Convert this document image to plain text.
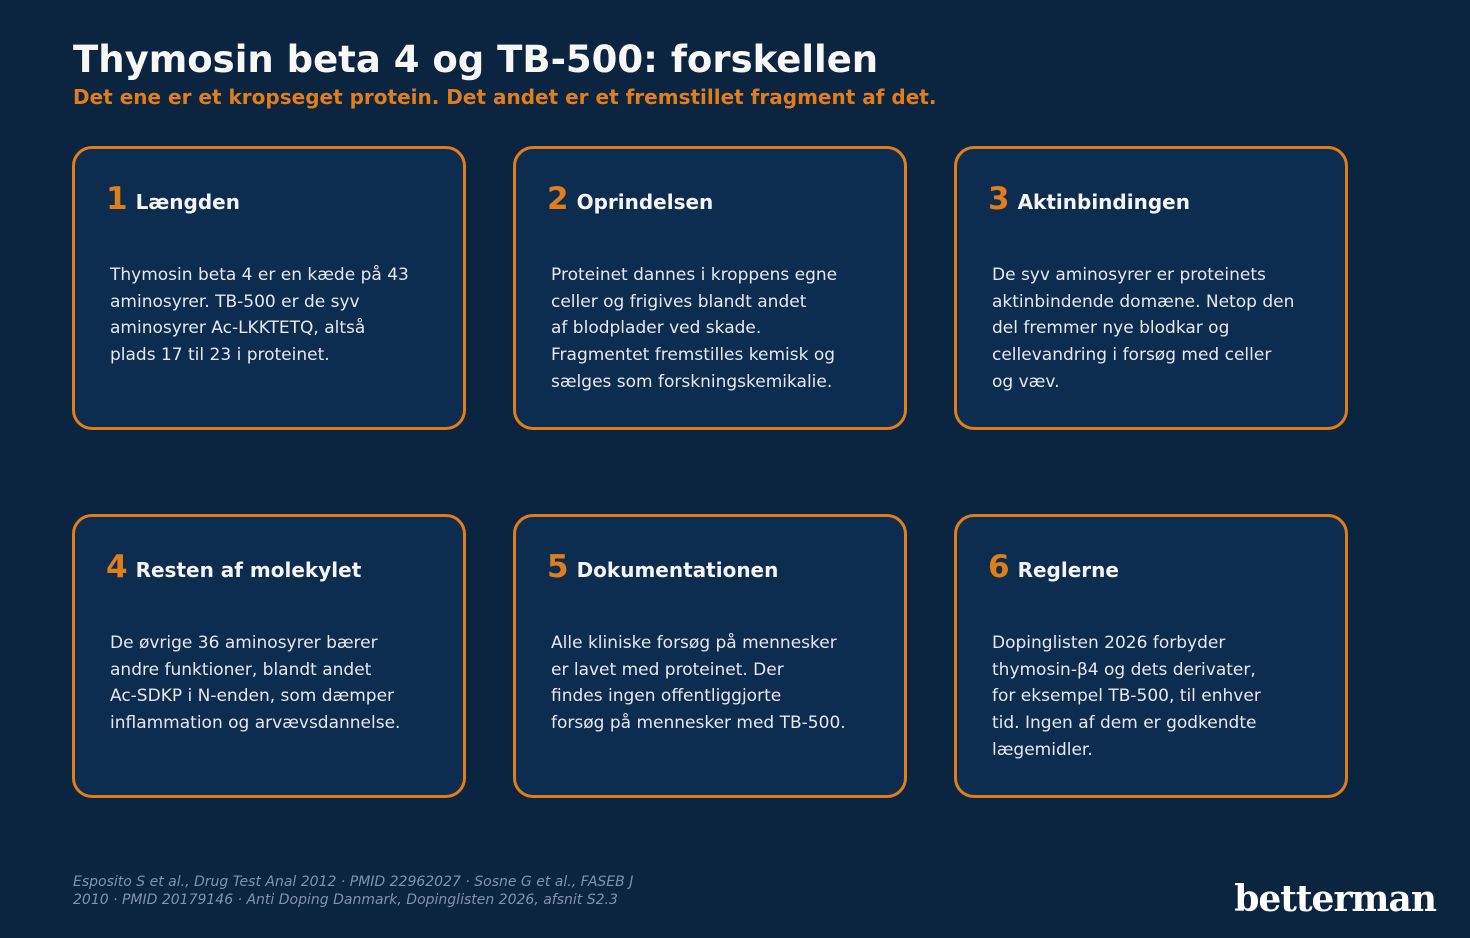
Thymosin beta 4 og TB-500: forskellen
Det ene er et kropseget protein. Det andet er et fremstillet fragment af det.
1 Længden
Thymosin beta 4 er en kæde på 43
aminosyrer. TB-500 er de syv
aminosyrer Ac-LKKTETQ, altså
plads 17 til 23 i proteinet.
2 Oprindelsen
Proteinet dannes i kroppens egne
celler og frigives blandt andet
af blodplader ved skade.
Fragmentet fremstilles kemisk og
sælges som forskningskemikalie.
3 Aktinbindingen
De syv aminosyrer er proteinets
aktinbindende domæne. Netop den
del fremmer nye blodkar og
cellevandring i forsøg med celler
og væv.
4 Resten af molekylet
De øvrige 36 aminosyrer bærer
andre funktioner, blandt andet
Ac-SDKP i N-enden, som dæmper
inflammation og arvævsdannelse.
5 Dokumentationen
Alle kliniske forsøg på mennesker
er lavet med proteinet. Der
findes ingen offentliggjorte
forsøg på mennesker med TB-500.
6 Reglerne
Dopinglisten 2026 forbyder
thymosin-β4 og dets derivater,
for eksempel TB-500, til enhver
tid. Ingen af dem er godkendte
lægemidler.
Esposito S et al., Drug Test Anal 2012 · PMID 22962027 · Sosne G et al., FASEB J
2010 · PMID 20179146 · Anti Doping Danmark, Dopinglisten 2026, afsnit S2.3	betterman
